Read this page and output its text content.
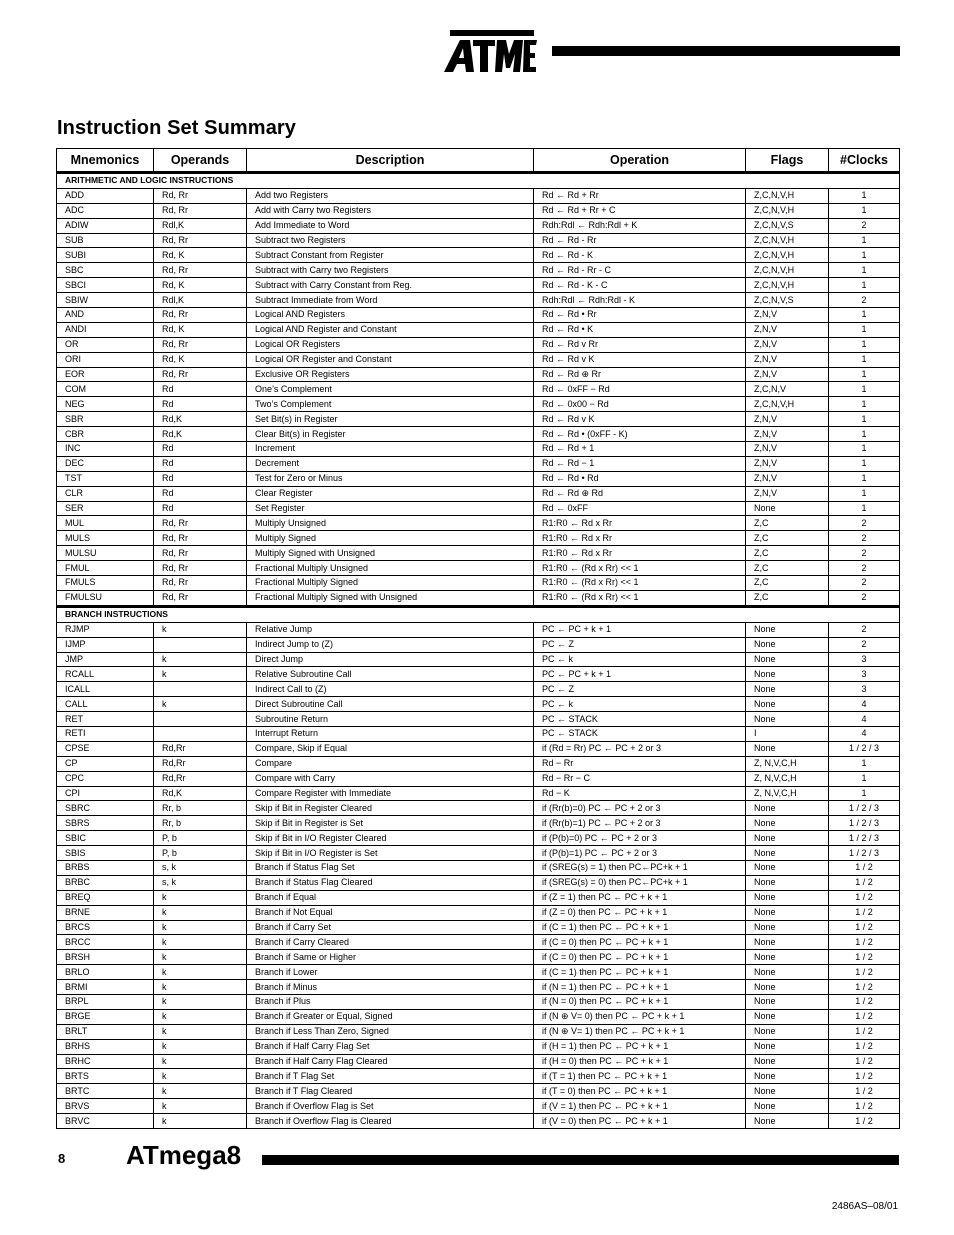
Instruction Set Summary
Mnemonics	Operands	Description	Operation	Flags	#Clocks
ARITHMETIC AND LOGIC INSTRUCTIONS					
ADD	Rd, Rr	Add two Registers	Rd ← Rd + Rr	Z,C,N,V,H	1
ADC	Rd, Rr	Add with Carry two Registers	Rd ← Rd + Rr + C	Z,C,N,V,H	1
ADIW	Rdl,K	Add Immediate to Word	Rdh:Rdl ← Rdh:Rdl + K	Z,C,N,V,S	2
SUB	Rd, Rr	Subtract two Registers	Rd ← Rd - Rr	Z,C,N,V,H	1
SUBI	Rd, K	Subtract Constant from Register	Rd ← Rd - K	Z,C,N,V,H	1
SBC	Rd, Rr	Subtract with Carry two Registers	Rd ← Rd - Rr - C	Z,C,N,V,H	1
SBCI	Rd, K	Subtract with Carry Constant from Reg.	Rd ← Rd - K - C	Z,C,N,V,H	1
SBIW	Rdl,K	Subtract Immediate from Word	Rdh:Rdl ← Rdh:Rdl - K	Z,C,N,V,S	2
AND	Rd, Rr	Logical AND Registers	Rd ← Rd • Rr	Z,N,V	1
ANDI	Rd, K	Logical AND Register and Constant	Rd ← Rd • K	Z,N,V	1
OR	Rd, Rr	Logical OR Registers	Rd ← Rd v Rr	Z,N,V	1
ORI	Rd, K	Logical OR Register and Constant	Rd ← Rd v K	Z,N,V	1
EOR	Rd, Rr	Exclusive OR Registers	Rd ← Rd ⊕ Rr	Z,N,V	1
COM	Rd	One’s Complement	Rd ← 0xFF − Rd	Z,C,N,V	1
NEG	Rd	Two’s Complement	Rd ← 0x00 − Rd	Z,C,N,V,H	1
SBR	Rd,K	Set Bit(s) in Register	Rd ← Rd v K	Z,N,V	1
CBR	Rd,K	Clear Bit(s) in Register	Rd ← Rd • (0xFF - K)	Z,N,V	1
INC	Rd	Increment	Rd ← Rd + 1	Z,N,V	1
DEC	Rd	Decrement	Rd ← Rd − 1	Z,N,V	1
TST	Rd	Test for Zero or Minus	Rd ← Rd • Rd	Z,N,V	1
CLR	Rd	Clear Register	Rd ← Rd ⊕ Rd	Z,N,V	1
SER	Rd	Set Register	Rd ← 0xFF	None	1
MUL	Rd, Rr	Multiply Unsigned	R1:R0 ← Rd x Rr	Z,C	2
MULS	Rd, Rr	Multiply Signed	R1:R0 ← Rd x Rr	Z,C	2
MULSU	Rd, Rr	Multiply Signed with Unsigned	R1:R0 ← Rd x Rr	Z,C	2
FMUL	Rd, Rr	Fractional Multiply Unsigned	R1:R0 ← (Rd x Rr) << 1	Z,C	2
FMULS	Rd, Rr	Fractional Multiply Signed	R1:R0 ← (Rd x Rr) << 1	Z,C	2
FMULSU	Rd, Rr	Fractional Multiply Signed with Unsigned	R1:R0 ← (Rd x Rr) << 1	Z,C	2
BRANCH INSTRUCTIONS					
RJMP	k	Relative Jump	PC ← PC + k + 1	None	2
IJMP		Indirect Jump to (Z)	PC ← Z	None	2
JMP	k	Direct Jump	PC ← k	None	3
RCALL	k	Relative Subroutine Call	PC ← PC + k + 1	None	3
ICALL		Indirect Call to (Z)	PC ← Z	None	3
CALL	k	Direct Subroutine Call	PC ← k	None	4
RET		Subroutine Return	PC ← STACK	None	4
RETI		Interrupt Return	PC ← STACK	I	4
CPSE	Rd,Rr	Compare, Skip if Equal	if (Rd = Rr) PC ← PC + 2 or 3	None	1 / 2 / 3
CP	Rd,Rr	Compare	Rd − Rr	Z, N,V,C,H	1
CPC	Rd,Rr	Compare with Carry	Rd − Rr − C	Z, N,V,C,H	1
CPI	Rd,K	Compare Register with Immediate	Rd − K	Z, N,V,C,H	1
SBRC	Rr, b	Skip if Bit in Register Cleared	if (Rr(b)=0) PC ← PC + 2 or 3	None	1 / 2 / 3
SBRS	Rr, b	Skip if Bit in Register is Set	if (Rr(b)=1) PC ← PC + 2 or 3	None	1 / 2 / 3
SBIC	P, b	Skip if Bit in I/O Register Cleared	if (P(b)=0) PC ← PC + 2 or 3	None	1 / 2 / 3
SBIS	P, b	Skip if Bit in I/O Register is Set	if (P(b)=1) PC ← PC + 2 or 3	None	1 / 2 / 3
BRBS	s, k	Branch if Status Flag Set	if (SREG(s) = 1) then PC←PC+k + 1	None	1 / 2
BRBC	s, k	Branch if Status Flag Cleared	if (SREG(s) = 0) then PC←PC+k + 1	None	1 / 2
BREQ	k	Branch if Equal	if (Z = 1) then PC ← PC + k + 1	None	1 / 2
BRNE	k	Branch if Not Equal	if (Z = 0) then PC ← PC + k + 1	None	1 / 2
BRCS	k	Branch if Carry Set	if (C = 1) then PC ← PC + k + 1	None	1 / 2
BRCC	k	Branch if Carry Cleared	if (C = 0) then PC ← PC + k + 1	None	1 / 2
BRSH	k	Branch if Same or Higher	if (C = 0) then PC ← PC + k + 1	None	1 / 2
BRLO	k	Branch if Lower	if (C = 1) then PC ← PC + k + 1	None	1 / 2
BRMI	k	Branch if Minus	if (N = 1) then PC ← PC + k + 1	None	1 / 2
BRPL	k	Branch if Plus	if (N = 0) then PC ← PC + k + 1	None	1 / 2
BRGE	k	Branch if Greater or Equal, Signed	if (N ⊕ V= 0) then PC ← PC + k + 1	None	1 / 2
BRLT	k	Branch if Less Than Zero, Signed	if (N ⊕ V= 1) then PC ← PC + k + 1	None	1 / 2
BRHS	k	Branch if Half Carry Flag Set	if (H = 1) then PC ← PC + k + 1	None	1 / 2
BRHC	k	Branch if Half Carry Flag Cleared	if (H = 0) then PC ← PC + k + 1	None	1 / 2
BRTS	k	Branch if T Flag Set	if (T = 1) then PC ← PC + k + 1	None	1 / 2
BRTC	k	Branch if T Flag Cleared	if (T = 0) then PC ← PC + k + 1	None	1 / 2
BRVS	k	Branch if Overflow Flag is Set	if (V = 1) then PC ← PC + k + 1	None	1 / 2
BRVC	k	Branch if Overflow Flag is Cleared	if (V = 0) then PC ← PC + k + 1	None	1 / 2
8 ATmega8
2486AS–08/01
